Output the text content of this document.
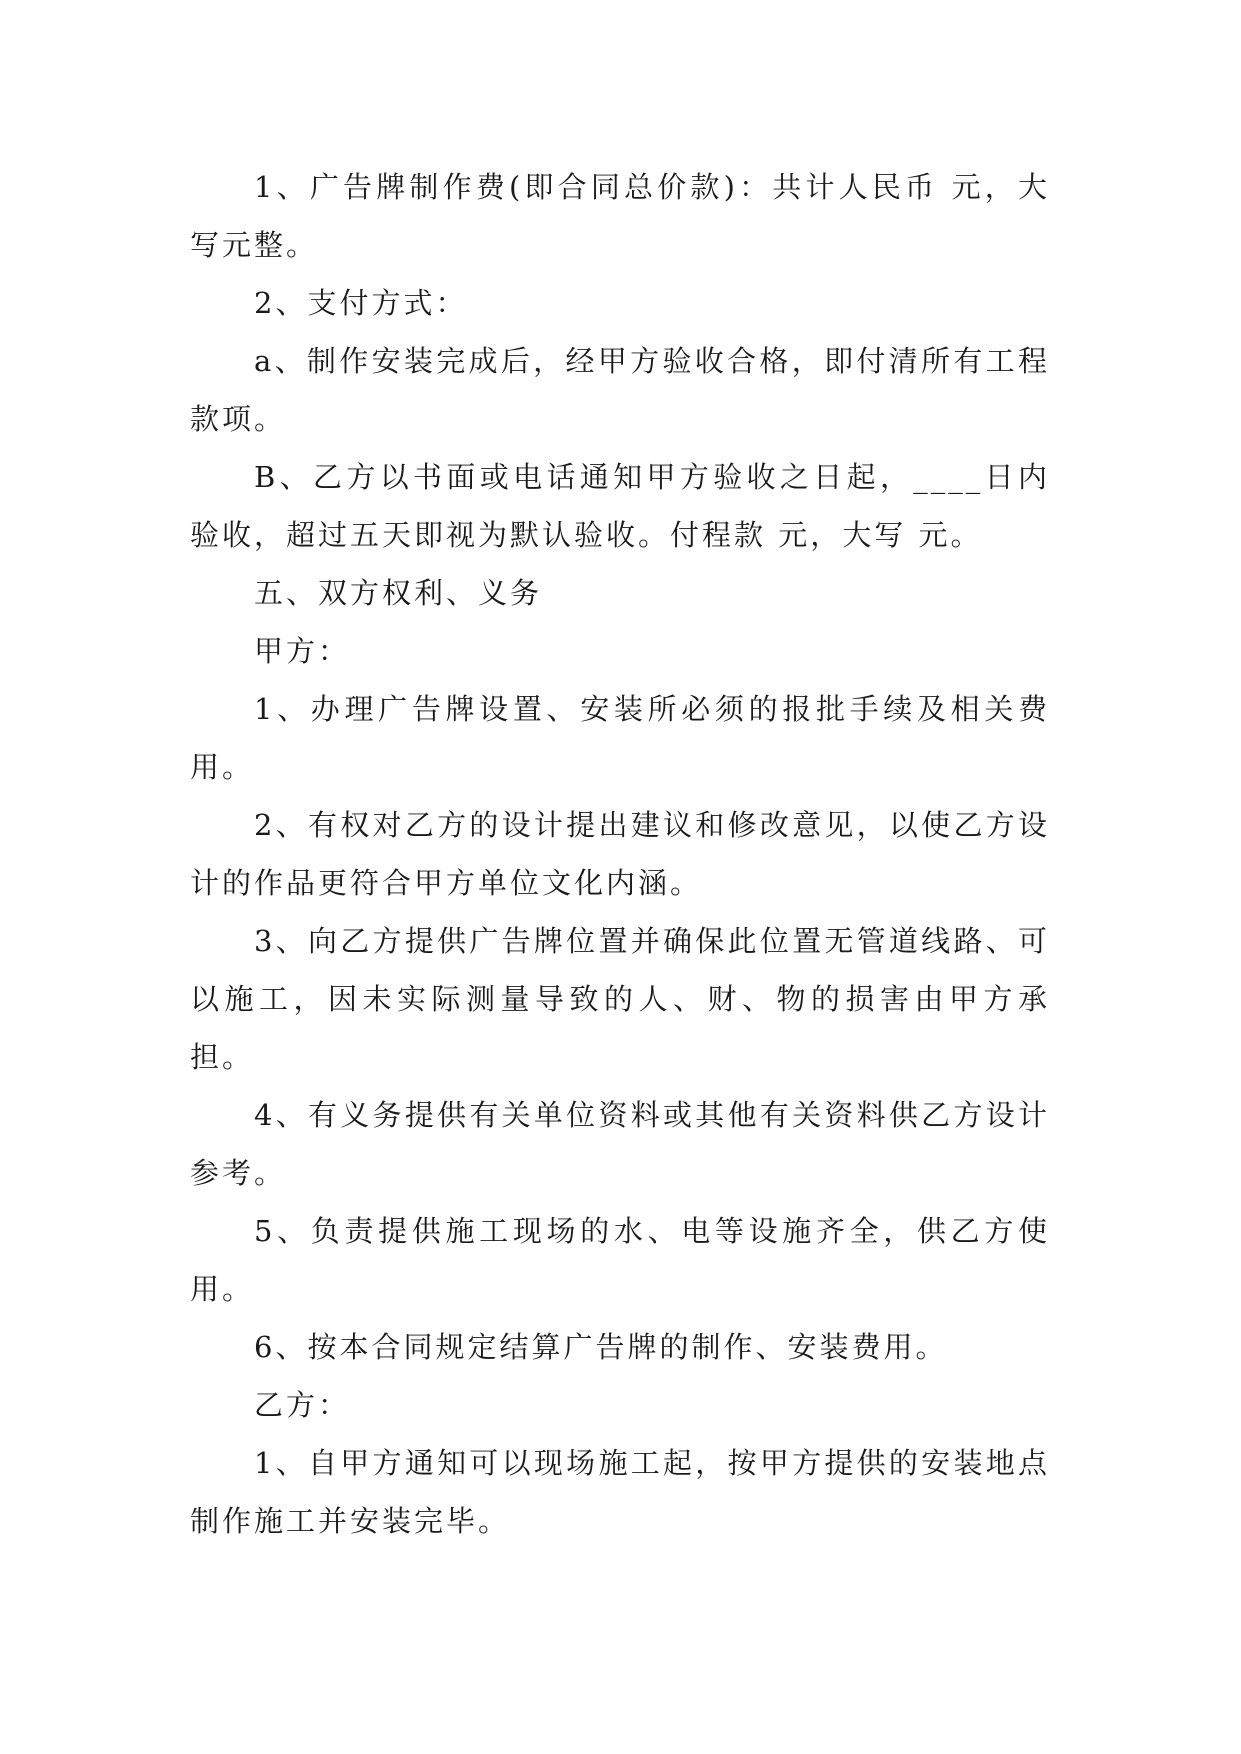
1、广告牌制作费(即合同总价款)：共计人民币 元，大写元整。

2、支付方式：

a、制作安装完成后，经甲方验收合格，即付清所有工程款项。

B、乙方以书面或电话通知甲方验收之日起，____日内验收，超过五天即视为默认验收。付程款 元，大写 元。

五、双方权利、义务

甲方：

1、办理广告牌设置、安装所必须的报批手续及相关费用。

2、有权对乙方的设计提出建议和修改意见，以使乙方设计的作品更符合甲方单位文化内涵。

3、向乙方提供广告牌位置并确保此位置无管道线路、可以施工，因未实际测量导致的人、财、物的损害由甲方承担。

4、有义务提供有关单位资料或其他有关资料供乙方设计参考。

5、负责提供施工现场的水、电等设施齐全，供乙方使用。

6、按本合同规定结算广告牌的制作、安装费用。

乙方：

1、自甲方通知可以现场施工起，按甲方提供的安装地点制作施工并安装完毕。
